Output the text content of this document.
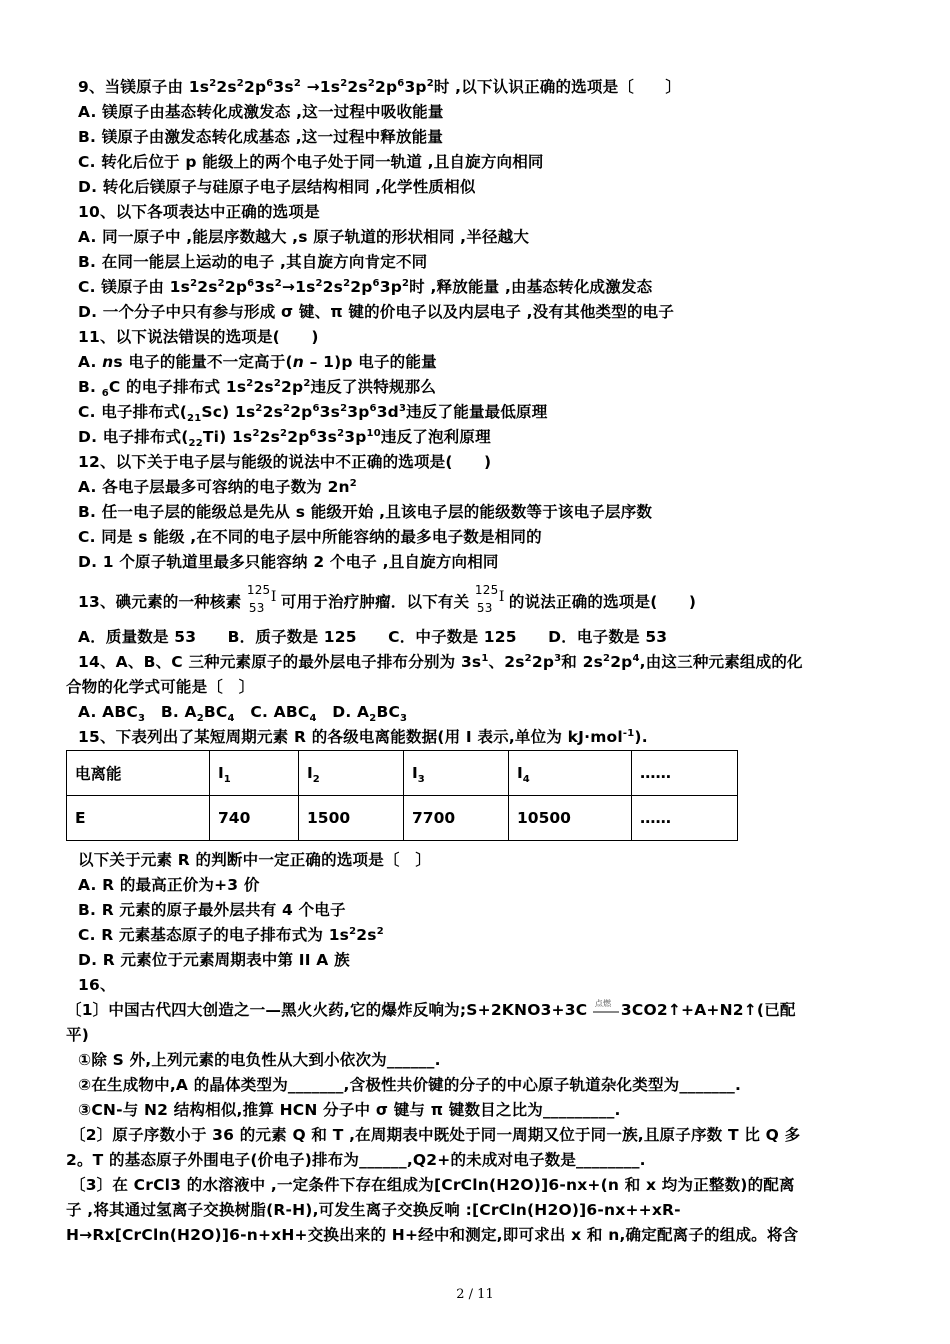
9、当镁原子由 $1s^22s^22p^63s^2 \to 1s^22s^22p^63p^2$时 ,以下认识正确的选项是〔　　〕
A. 镁原子由基态转化成激发态 ,这一过程中吸收能量
B. 镁原子由激发态转化成基态 ,这一过程中释放能量
C. 转化后位于 p 能级上的两个电子处于同一轨道 ,且自旋方向相同
D. 转化后镁原子与硅原子电子层结构相同 ,化学性质相似
10、以下各项表达中正确的选项是
A. 同一原子中 ,能层序数越大 ,s 原子轨道的形状相同 ,半径越大
B. 在同一能层上运动的电子 ,其自旋方向肯定不同
C. 镁原子由 $1s^22s^22p^63s^2\to 1s^22s^22p^63p^2$时 ,释放能量 ,由基态转化成激发态
D. 一个分子中只有参与形成 σ 键、π 键的价电子以及内层电子 ,没有其他类型的电子
11、以下说法错误的选项是(　　)
A. ns 电子的能量不一定高于(n – 1)p 电子的能量
B. $_6$C 的电子排布式 $1s^22s^22p^2$违反了洪特规那么
C. 电子排布式$(_{21}Sc)$ $1s^22s^22p^63s^23p^63d^3$违反了能量最低原理
D. 电子排布式$(_{22}Ti)$ $1s^22s^22p^63s^23p^{10}$违反了泡利原理
12、以下关于电子层与能级的说法中不正确的选项是(　　)
A. 各电子层最多可容纳的电子数为 $2n^2$
B. 任一电子层的能级总是先从 s 能级开始 ,且该电子层的能级数等于该电子层序数
C. 同是 s 能级 ,在不同的电子层中所能容纳的最多电子数是相同的
D. 1 个原子轨道里最多只能容纳 2 个电子 ,且自旋方向相同
13、碘元素的一种核素
125
53
I 可用于治疗肿瘤．以下有关
125
53
I 的说法正确的选项是(　　)
A．质量数是 53　　B．质子数是 125　　C．中子数是 125　　D．电子数是 53
14、A、B、C 三种元素原子的最外层电子排布分别为 $3s^1$、$2s^22p^3$和 $2s^22p^4$,由这三种元素组成的化
合物的化学式可能是〔　〕
A. $ABC_3$　B. $A_2BC_4$　C. $ABC_4$　D. $A_2BC_3$
15、下表列出了某短周期元素 R 的各级电离能数据(用 I 表示,单位为 kJ·mol$^{-1}$).
电离能	$I_1$	$I_2$	$I_3$	$I_4$	……
E	740	1500	7700	10500	……
以下关于元素 R 的判断中一定正确的选项是〔　〕
A. R 的最高正价为+3 价
B. R 元素的原子最外层共有 4 个电子
C. R 元素基态原子的电子排布式为 $1s^22s^2$
D. R 元素位于元素周期表中第 II A 族
16、
〔1〕中国古代四大创造之一—黑火火药,它的爆炸反响为;S+2KNO3+3C 点燃 3CO2↑+A+N2↑(已配
平)
①除 S 外,上列元素的电负性从大到小依次为______.
②在生成物中,A 的晶体类型为_______,含极性共价键的分子的中心原子轨道杂化类型为_______.
③CN-与 N2 结构相似,推算 HCN 分子中 σ 键与 π 键数目之比为_________.
〔2〕原子序数小于 36 的元素 Q 和 T ,在周期表中既处于同一周期又位于同一族,且原子序数 T 比 Q 多
2。T 的基态原子外围电子(价电子)排布为______,Q2+的未成对电子数是________.
〔3〕在 CrCl3 的水溶液中 ,一定条件下存在组成为[CrCln(H2O)]6-nx+(n 和 x 均为正整数)的配离
子 ,将其通过氢离子交换树脂(R-H),可发生离子交换反响 :[CrCln(H2O)]6-nx++xR-
H→Rx[CrCln(H2O)]6-n+xH+交换出来的 H+经中和测定,即可求出 x 和 n,确定配离子的组成。将含
2 / 11
